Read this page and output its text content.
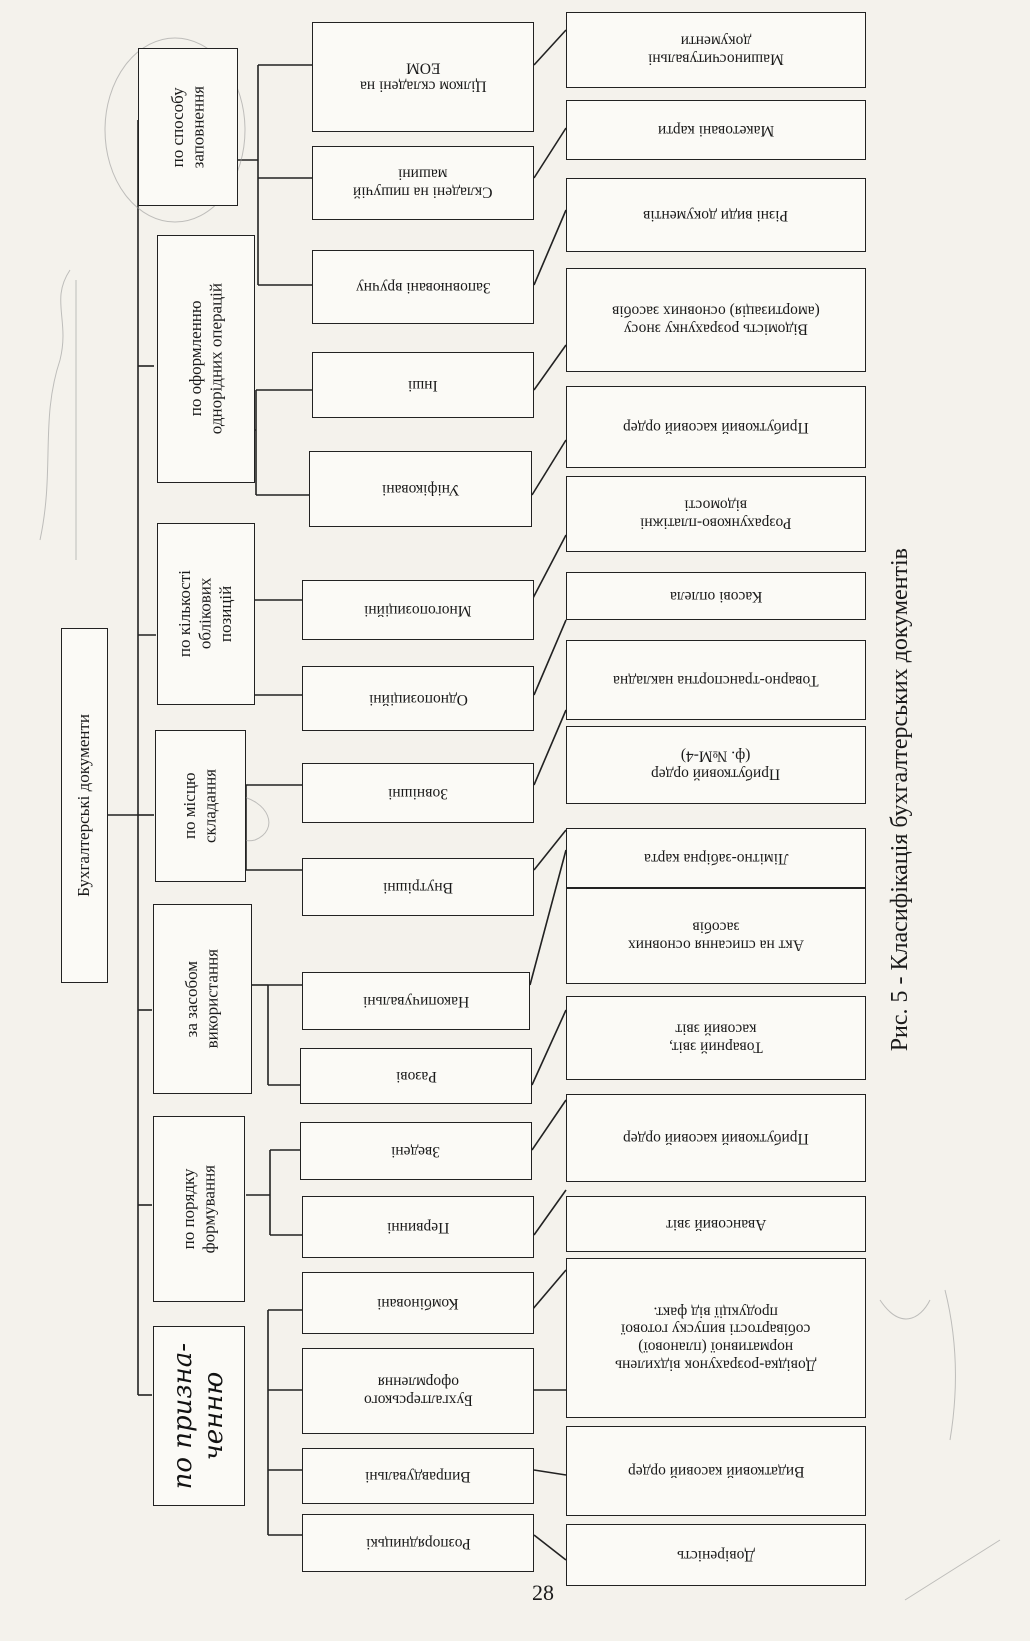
Бухгалтерські документи
по способу
заповнення
по оформленню
однорідних операцій
по кількості
облікових
позицій
по місцю
складання
за засобом
використання
по порядку
формування
по призна-
ченню
Цілком складені на
ЕОМ
Складені на пишучій
машині
Заповнювані вручну
Інші
Уніфіковані
Многопозиційні
Однопозиційні
Зовнішні
Внутрішні
Накопичувальні
Разові
Зведені
Первинні
Комбіновані
Бухгалтерського
оформлення
Виправдувальні
Розпорядницькі
Машиносчитувальні
документи
Макетовані карти
Різні види документів
Відомість розрахунку зносу
(амортизація) основних засобів
Прибутковий касовий ордер
Розрахунково-платіжні
відомості
Касові оплела
Товарно-транспортна накладна
Прибутковий ордер
(ф. №М-4)
Лімітно-забірна карта
Акт на списання основних
засобів
Товарний звіт,
касовий звіт
Прибутковий касовий ордер
Авансовий звіт
Довідка-розрахунок відхилень
нормативної (планової)
собівартості випуску готової
продукції від факт.
Видатковий касовий ордер
Довіреність
Рис. 5 - Класифікація бухгалтерських документів
28
